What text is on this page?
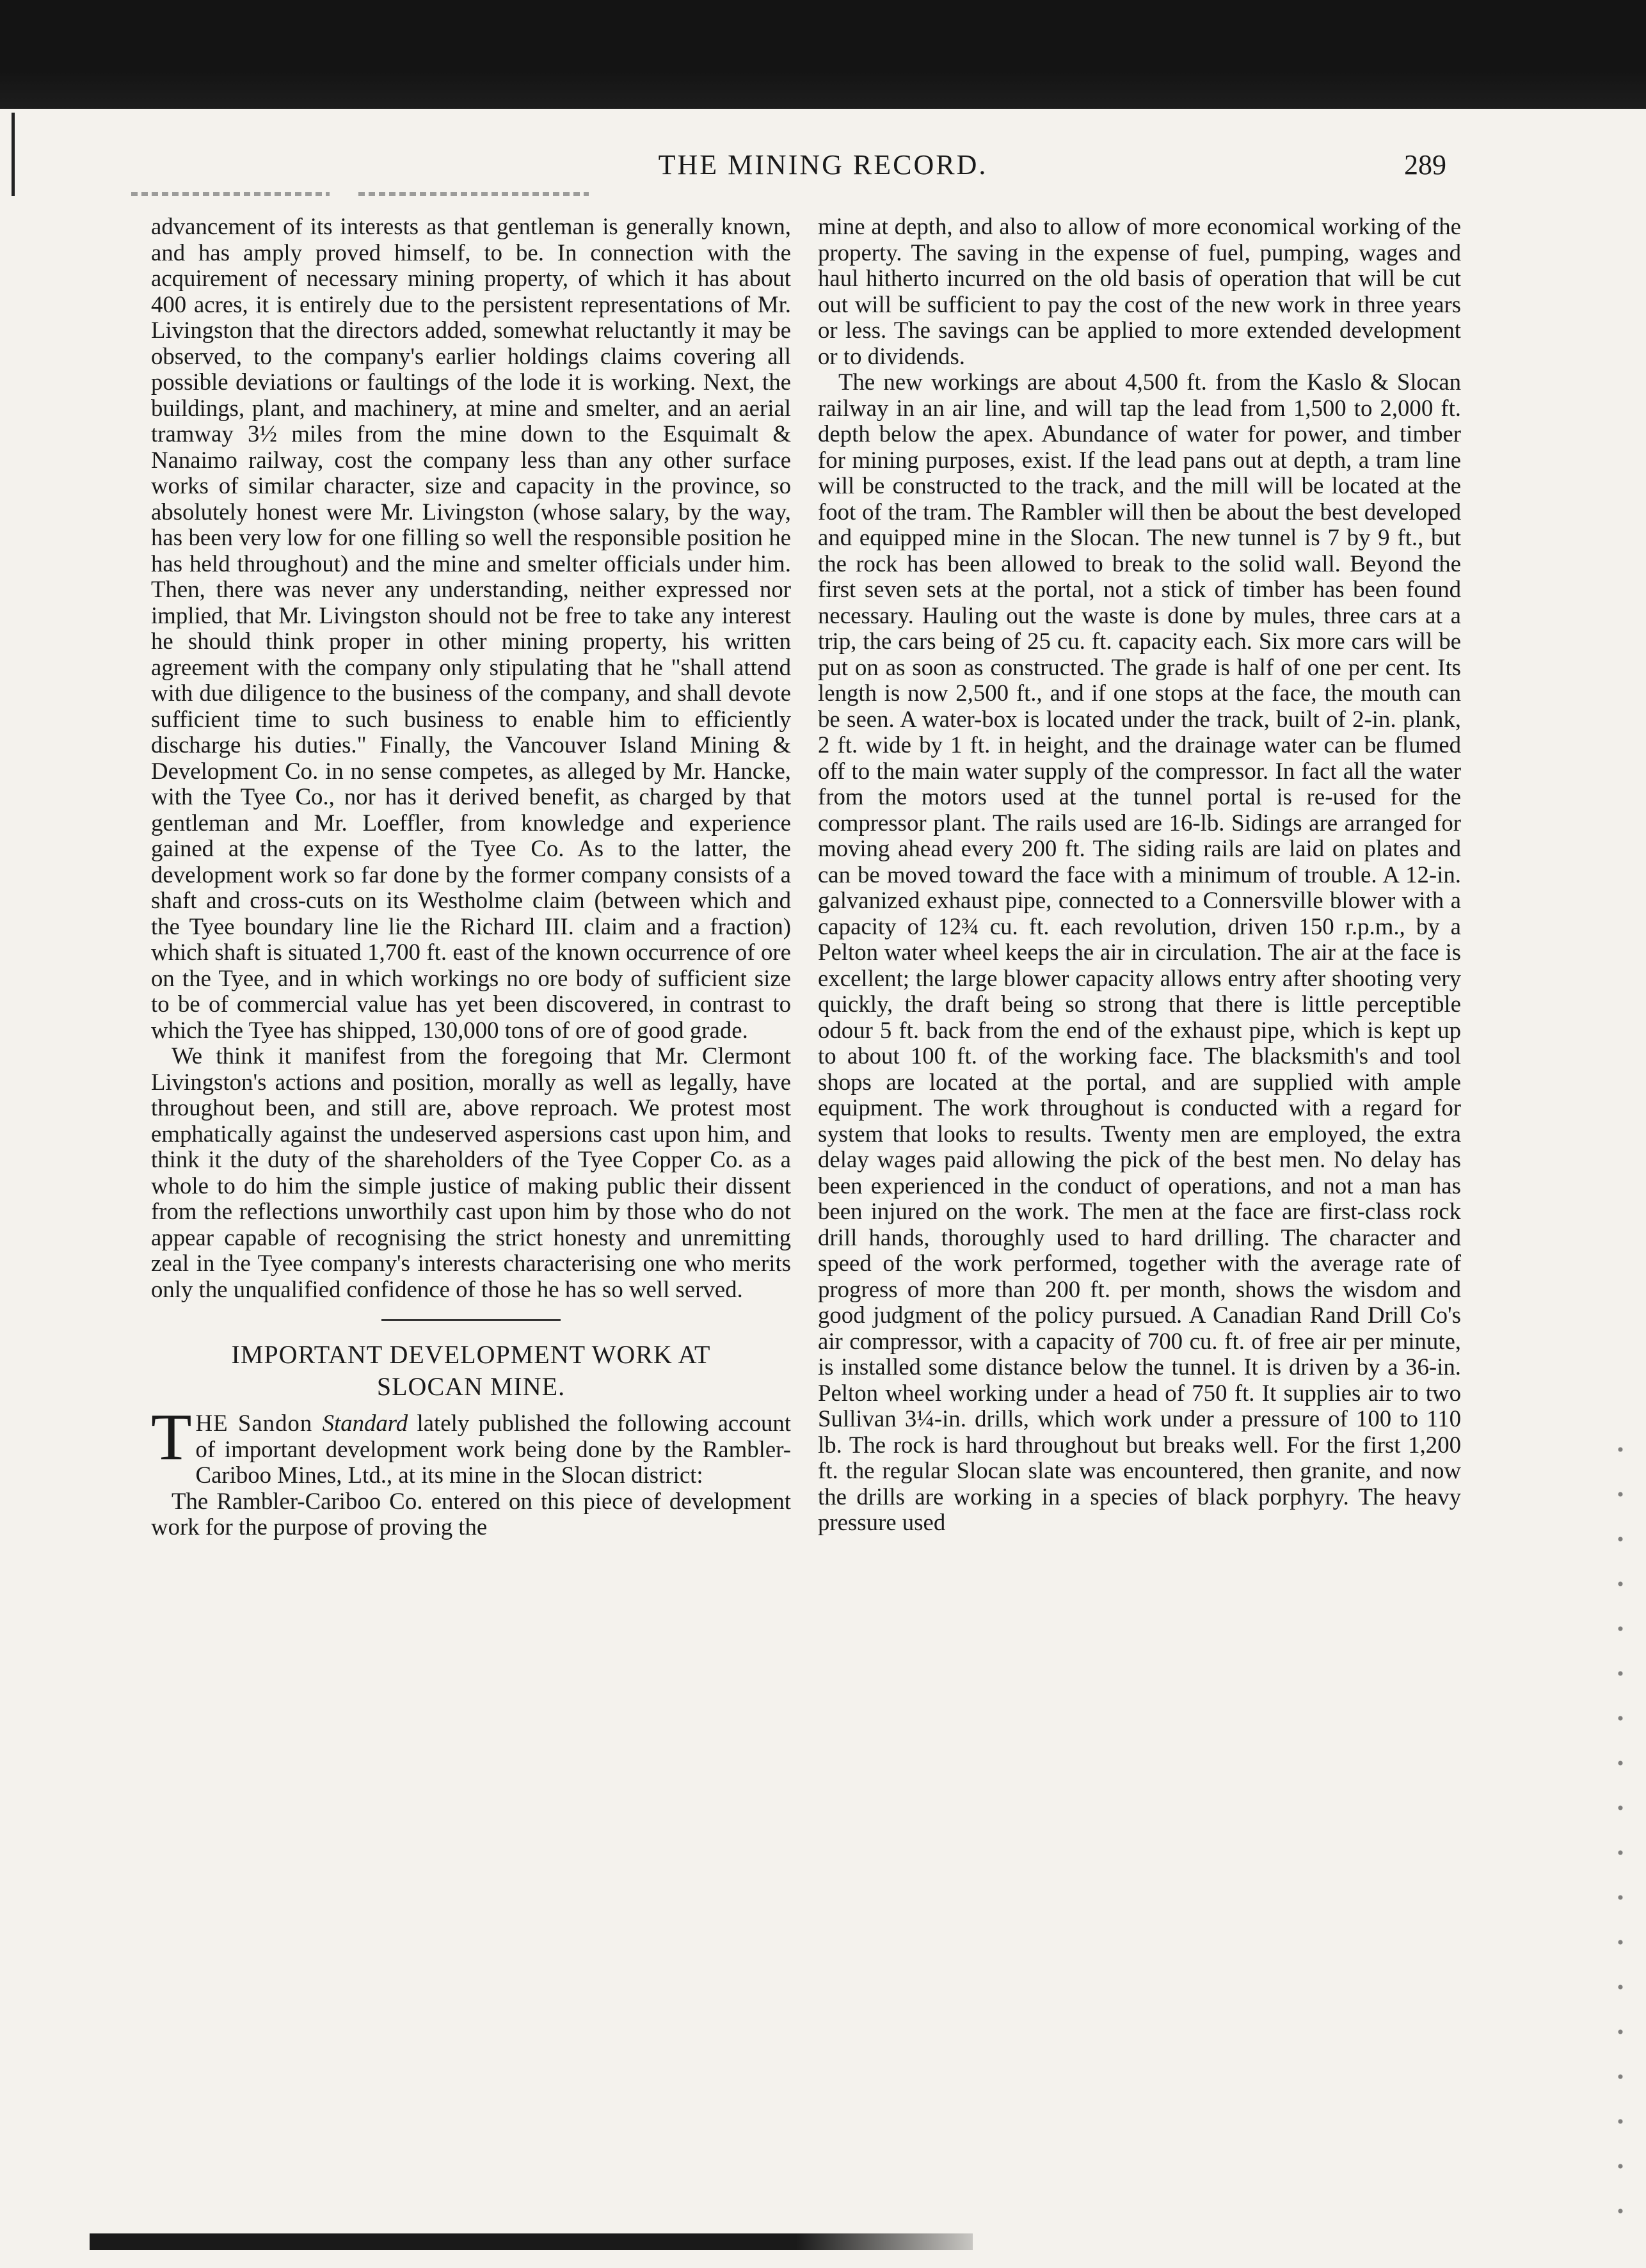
THE MINING RECORD.	289

advancement of its interests as that gentleman is generally known, and has amply proved himself, to be. In connection with the acquirement of necessary mining property, of which it has about 400 acres, it is entirely due to the persistent representations of Mr. Livingston that the directors added, somewhat reluctantly it may be observed, to the company's earlier holdings claims covering all possible deviations or faultings of the lode it is working. Next, the buildings, plant, and machinery, at mine and smelter, and an aerial tramway 3½ miles from the mine down to the Esquimalt & Nanaimo railway, cost the company less than any other surface works of similar character, size and capacity in the province, so absolutely honest were Mr. Livingston (whose salary, by the way, has been very low for one filling so well the responsible position he has held throughout) and the mine and smelter officials under him. Then, there was never any understanding, neither expressed nor implied, that Mr. Livingston should not be free to take any interest he should think proper in other mining property, his written agreement with the company only stipulating that he "shall attend with due diligence to the business of the company, and shall devote sufficient time to such business to enable him to efficiently discharge his duties." Finally, the Vancouver Island Mining & Development Co. in no sense competes, as alleged by Mr. Hancke, with the Tyee Co., nor has it derived benefit, as charged by that gentleman and Mr. Loeffler, from knowledge and experience gained at the expense of the Tyee Co. As to the latter, the development work so far done by the former company consists of a shaft and cross-cuts on its Westholme claim (between which and the Tyee boundary line lie the Richard III. claim and a fraction) which shaft is situated 1,700 ft. east of the known occurrence of ore on the Tyee, and in which workings no ore body of sufficient size to be of commercial value has yet been discovered, in contrast to which the Tyee has shipped, 130,000 tons of ore of good grade.

We think it manifest from the foregoing that Mr. Clermont Livingston's actions and position, morally as well as legally, have throughout been, and still are, above reproach. We protest most emphatically against the undeserved aspersions cast upon him, and think it the duty of the shareholders of the Tyee Copper Co. as a whole to do him the simple justice of making public their dissent from the reflections unworthily cast upon him by those who do not appear capable of recognising the strict honesty and unremitting zeal in the Tyee company's interests characterising one who merits only the unqualified confidence of those he has so well served.

IMPORTANT DEVELOPMENT WORK AT
SLOCAN MINE.
T HE Sandon Standard lately published the following account of important development work being done by the Rambler-Cariboo Mines, Ltd., at its mine in the Slocan district:

The Rambler-Cariboo Co. entered on this piece of development work for the purpose of proving the

mine at depth, and also to allow of more economical working of the property. The saving in the expense of fuel, pumping, wages and haul hitherto incurred on the old basis of operation that will be cut out will be sufficient to pay the cost of the new work in three years or less. The savings can be applied to more extended development or to dividends.

The new workings are about 4,500 ft. from the Kaslo & Slocan railway in an air line, and will tap the lead from 1,500 to 2,000 ft. depth below the apex. Abundance of water for power, and timber for mining purposes, exist. If the lead pans out at depth, a tram line will be constructed to the track, and the mill will be located at the foot of the tram. The Rambler will then be about the best developed and equipped mine in the Slocan. The new tunnel is 7 by 9 ft., but the rock has been allowed to break to the solid wall. Beyond the first seven sets at the portal, not a stick of timber has been found necessary. Hauling out the waste is done by mules, three cars at a trip, the cars being of 25 cu. ft. capacity each. Six more cars will be put on as soon as constructed. The grade is half of one per cent. Its length is now 2,500 ft., and if one stops at the face, the mouth can be seen. A water-box is located under the track, built of 2-in. plank, 2 ft. wide by 1 ft. in height, and the drainage water can be flumed off to the main water supply of the compressor. In fact all the water from the motors used at the tunnel portal is re-used for the compressor plant. The rails used are 16-lb. Sidings are arranged for moving ahead every 200 ft. The siding rails are laid on plates and can be moved toward the face with a minimum of trouble. A 12-in. galvanized exhaust pipe, connected to a Connersville blower with a capacity of 12¾ cu. ft. each revolution, driven 150 r.p.m., by a Pelton water wheel keeps the air in circulation. The air at the face is excellent; the large blower capacity allows entry after shooting very quickly, the draft being so strong that there is little perceptible odour 5 ft. back from the end of the exhaust pipe, which is kept up to about 100 ft. of the working face. The blacksmith's and tool shops are located at the portal, and are supplied with ample equipment. The work throughout is conducted with a regard for system that looks to results. Twenty men are employed, the extra delay wages paid allowing the pick of the best men. No delay has been experienced in the conduct of operations, and not a man has been injured on the work. The men at the face are first-class rock drill hands, thoroughly used to hard drilling. The character and speed of the work performed, together with the average rate of progress of more than 200 ft. per month, shows the wisdom and good judgment of the policy pursued. A Canadian Rand Drill Co's air compressor, with a capacity of 700 cu. ft. of free air per minute, is installed some distance below the tunnel. It is driven by a 36-in. Pelton wheel working under a head of 750 ft. It supplies air to two Sullivan 3¼-in. drills, which work under a pressure of 100 to 110 lb. The rock is hard throughout but breaks well. For the first 1,200 ft. the regular Slocan slate was encountered, then granite, and now the drills are working in a species of black porphyry. The heavy pressure used
